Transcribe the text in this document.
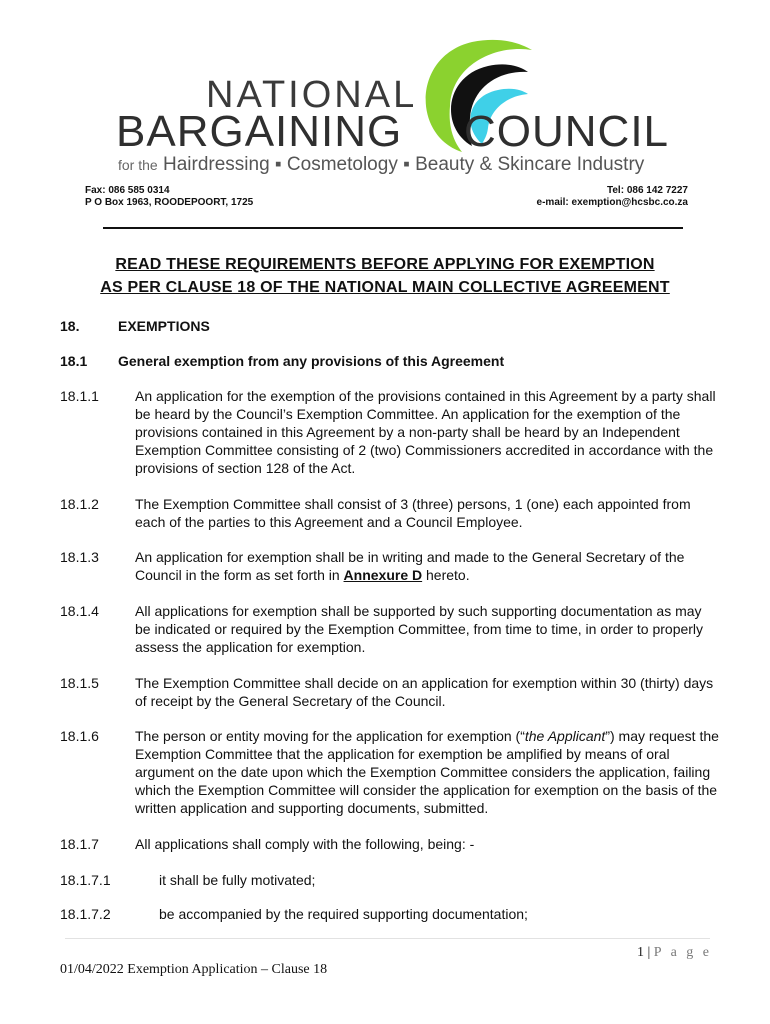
NATIONAL
BARGAINING COUNCIL
for the Hairdressing ▪ Cosmetology ▪ Beauty & Skincare Industry
Fax: 086 585 0314
P O Box 1963, ROODEPOORT, 1725
Tel: 086 142 7227
e-mail: exemption@hcsbc.co.za
READ THESE REQUIREMENTS BEFORE APPLYING FOR EXEMPTION
AS PER CLAUSE 18 OF THE NATIONAL MAIN COLLECTIVE AGREEMENT
18.	EXEMPTIONS
18.1 General exemption from any provisions of this Agreement
18.1.1	An application for the exemption of the provisions contained in this Agreement by a party shall be heard by the Council’s Exemption Committee. An application for the exemption of the provisions contained in this Agreement by a non-party shall be heard by an Independent Exemption Committee consisting of 2 (two) Commissioners accredited in accordance with the provisions of section 128 of the Act.
18.1.2	The Exemption Committee shall consist of 3 (three) persons, 1 (one) each appointed from each of the parties to this Agreement and a Council Employee.
18.1.3	An application for exemption shall be in writing and made to the General Secretary of the Council in the form as set forth in Annexure D hereto.
18.1.4	All applications for exemption shall be supported by such supporting documentation as may be indicated or required by the Exemption Committee, from time to time, in order to properly assess the application for exemption.
18.1.5	The Exemption Committee shall decide on an application for exemption within 30 (thirty) days of receipt by the General Secretary of the Council.
18.1.6	The person or entity moving for the application for exemption (“the Applicant”) may request the Exemption Committee that the application for exemption be amplified by means of oral argument on the date upon which the Exemption Committee considers the application, failing which the Exemption Committee will consider the application for exemption on the basis of the written application and supporting documents, submitted.
18.1.7	All applications shall comply with the following, being: -
18.1.7.1	it shall be fully motivated;
18.1.7.2	be accompanied by the required supporting documentation;
1 | P a g e
01/04/2022 Exemption Application – Clause 18
